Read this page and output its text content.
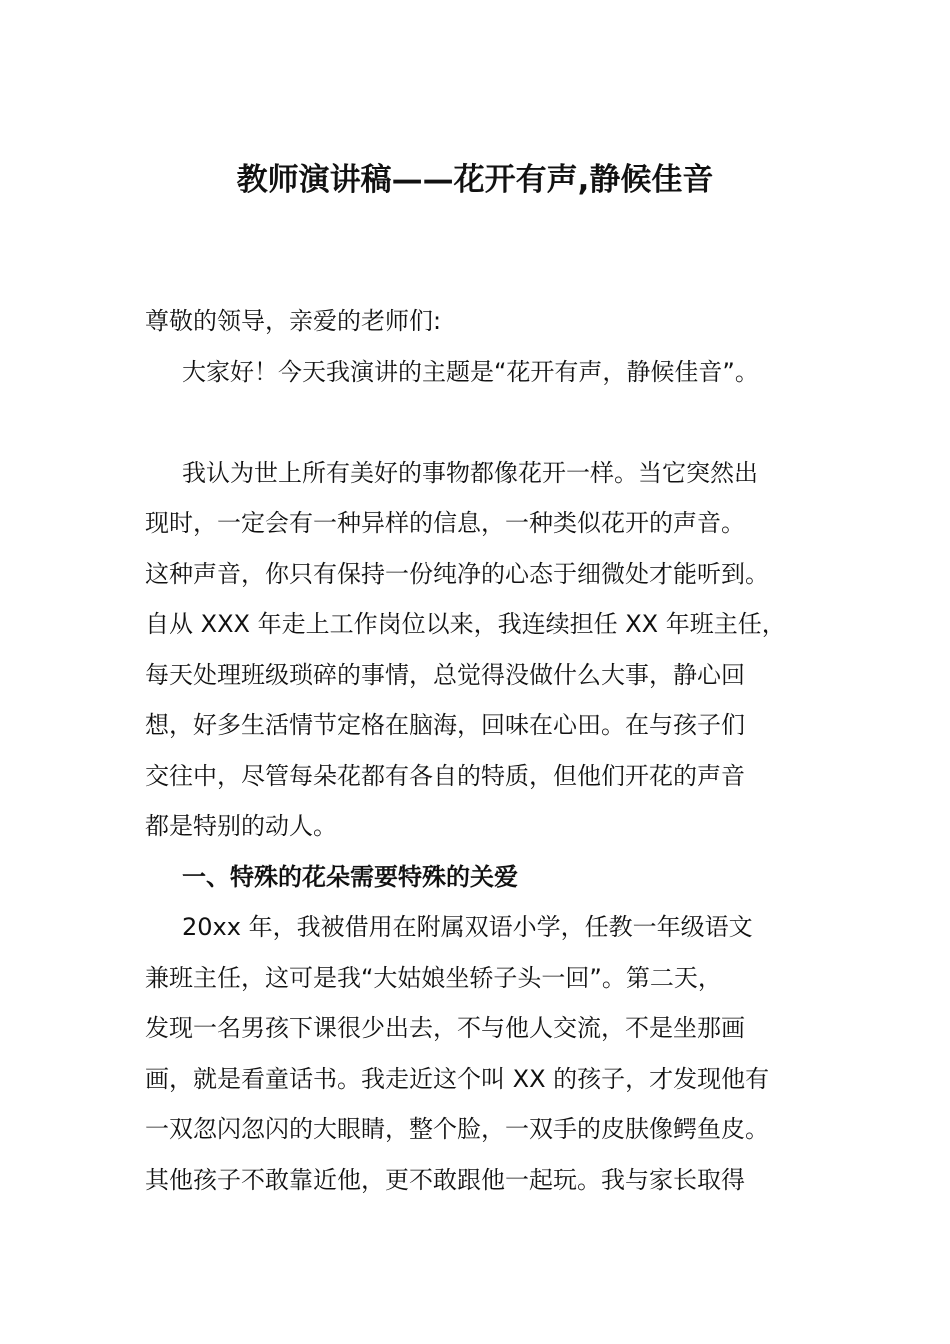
教师演讲稿——花开有声,静候佳音
尊敬的领导，亲爱的老师们:
大家好！今天我演讲的主题是“花开有声，静候佳音”。
我认为世上所有美好的事物都像花开一样。当它突然出
现时，一定会有一种异样的信息，一种类似花开的声音。
这种声音，你只有保持一份纯净的心态于细微处才能听到。
自从 XXX 年走上工作岗位以来，我连续担任 XX 年班主任，
每天处理班级琐碎的事情，总觉得没做什么大事，静心回
想，好多生活情节定格在脑海，回味在心田。在与孩子们
交往中，尽管每朵花都有各自的特质，但他们开花的声音
都是特别的动人。
一、特殊的花朵需要特殊的关爱
20xx 年，我被借用在附属双语小学，任教一年级语文
兼班主任，这可是我“大姑娘坐轿子头一回”。第二天，
发现一名男孩下课很少出去，不与他人交流，不是坐那画
画，就是看童话书。我走近这个叫 XX 的孩子，才发现他有
一双忽闪忽闪的大眼睛，整个脸，一双手的皮肤像鳄鱼皮。
其他孩子不敢靠近他，更不敢跟他一起玩。我与家长取得
